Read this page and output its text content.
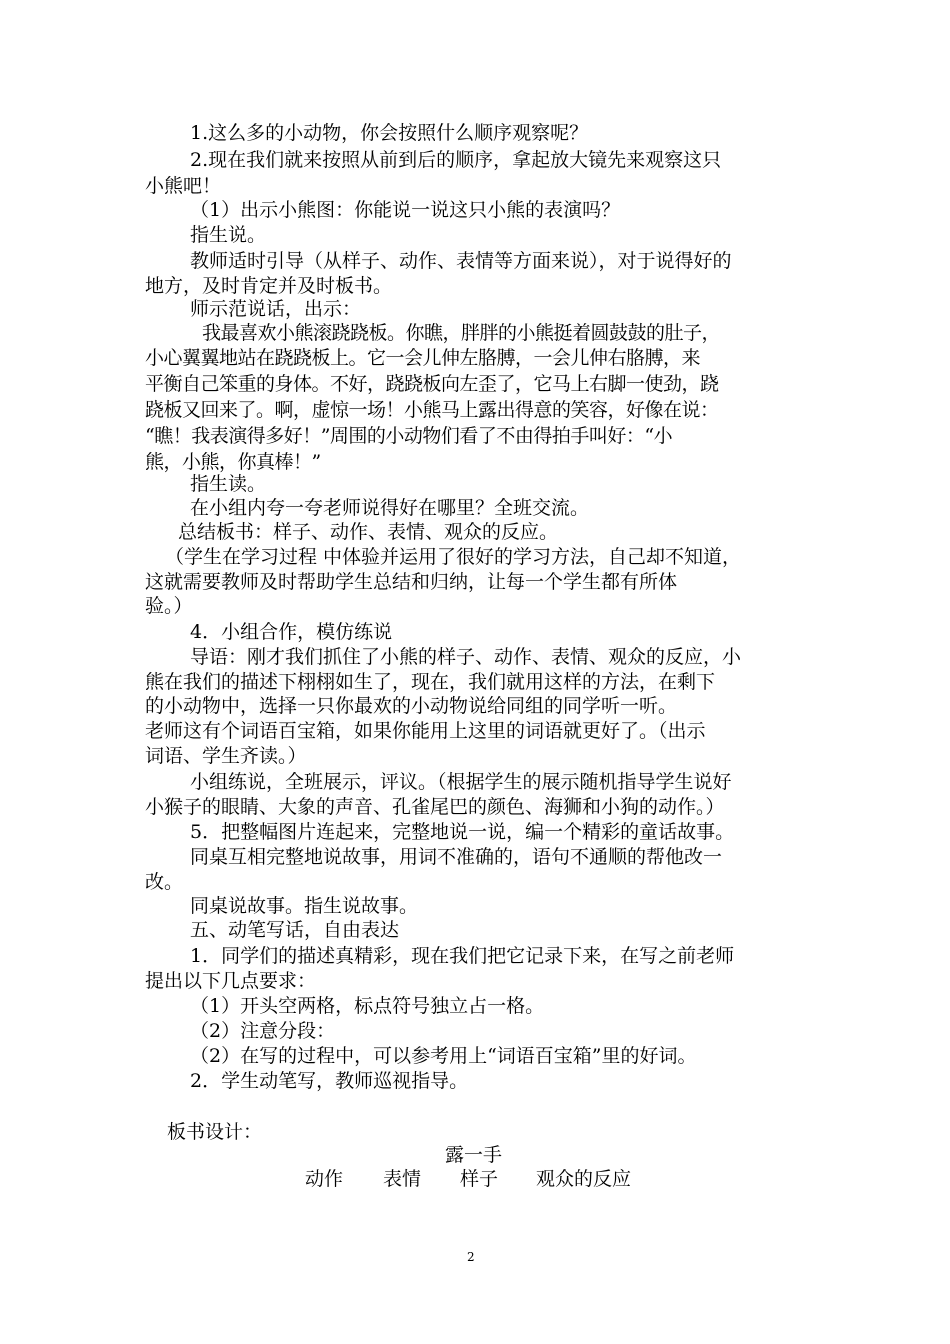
1.这么多的小动物，你会按照什么顺序观察呢？
2.现在我们就来按照从前到后的顺序，拿起放大镜先来观察这只
小熊吧！
（1）出示小熊图：你能说一说这只小熊的表演吗？
指生说。
教师适时引导（从样子、动作、表情等方面来说），对于说得好的
地方，及时肯定并及时板书。
师示范说话，出示：
我最喜欢小熊滚跷跷板。你瞧，胖胖的小熊挺着圆鼓鼓的肚子，
小心翼翼地站在跷跷板上。它一会儿伸左胳膊，一会儿伸右胳膊，来
平衡自己笨重的身体。不好，跷跷板向左歪了，它马上右脚一使劲，跷
跷板又回来了。啊，虚惊一场！小熊马上露出得意的笑容，好像在说：
“瞧！我表演得多好！”周围的小动物们看了不由得拍手叫好：“小
熊，小熊，你真棒！”
指生读。
在小组内夸一夸老师说得好在哪里？全班交流。
总结板书：样子、动作、表情、观众的反应。
（学生在学习过程 中体验并运用了很好的学习方法，自己却不知道，
这就需要教师及时帮助学生总结和归纳，让每一个学生都有所体
验。）
4．小组合作，模仿练说
导语：刚才我们抓住了小熊的样子、动作、表情、观众的反应，小
熊在我们的描述下栩栩如生了，现在，我们就用这样的方法，在剩下
的小动物中，选择一只你最欢的小动物说给同组的同学听一听。
老师这有个词语百宝箱，如果你能用上这里的词语就更好了。（出示
词语、学生齐读。）
小组练说，全班展示，评议。（根据学生的展示随机指导学生说好
小猴子的眼睛、大象的声音、孔雀尾巴的颜色、海狮和小狗的动作。）
5．把整幅图片连起来，完整地说一说，编一个精彩的童话故事。
同桌互相完整地说故事，用词不准确的，语句不通顺的帮他改一
改。
同桌说故事。指生说故事。
五、动笔写话，自由表达
1．同学们的描述真精彩，现在我们把它记录下来，在写之前老师
提出以下几点要求：
（1）开头空两格，标点符号独立占一格。
（2）注意分段：
（2）在写的过程中，可以参考用上“词语百宝箱”里的好词。
2．学生动笔写，教师巡视指导。
板书设计：
露一手
动作 表情 样子 观众的反应
2
